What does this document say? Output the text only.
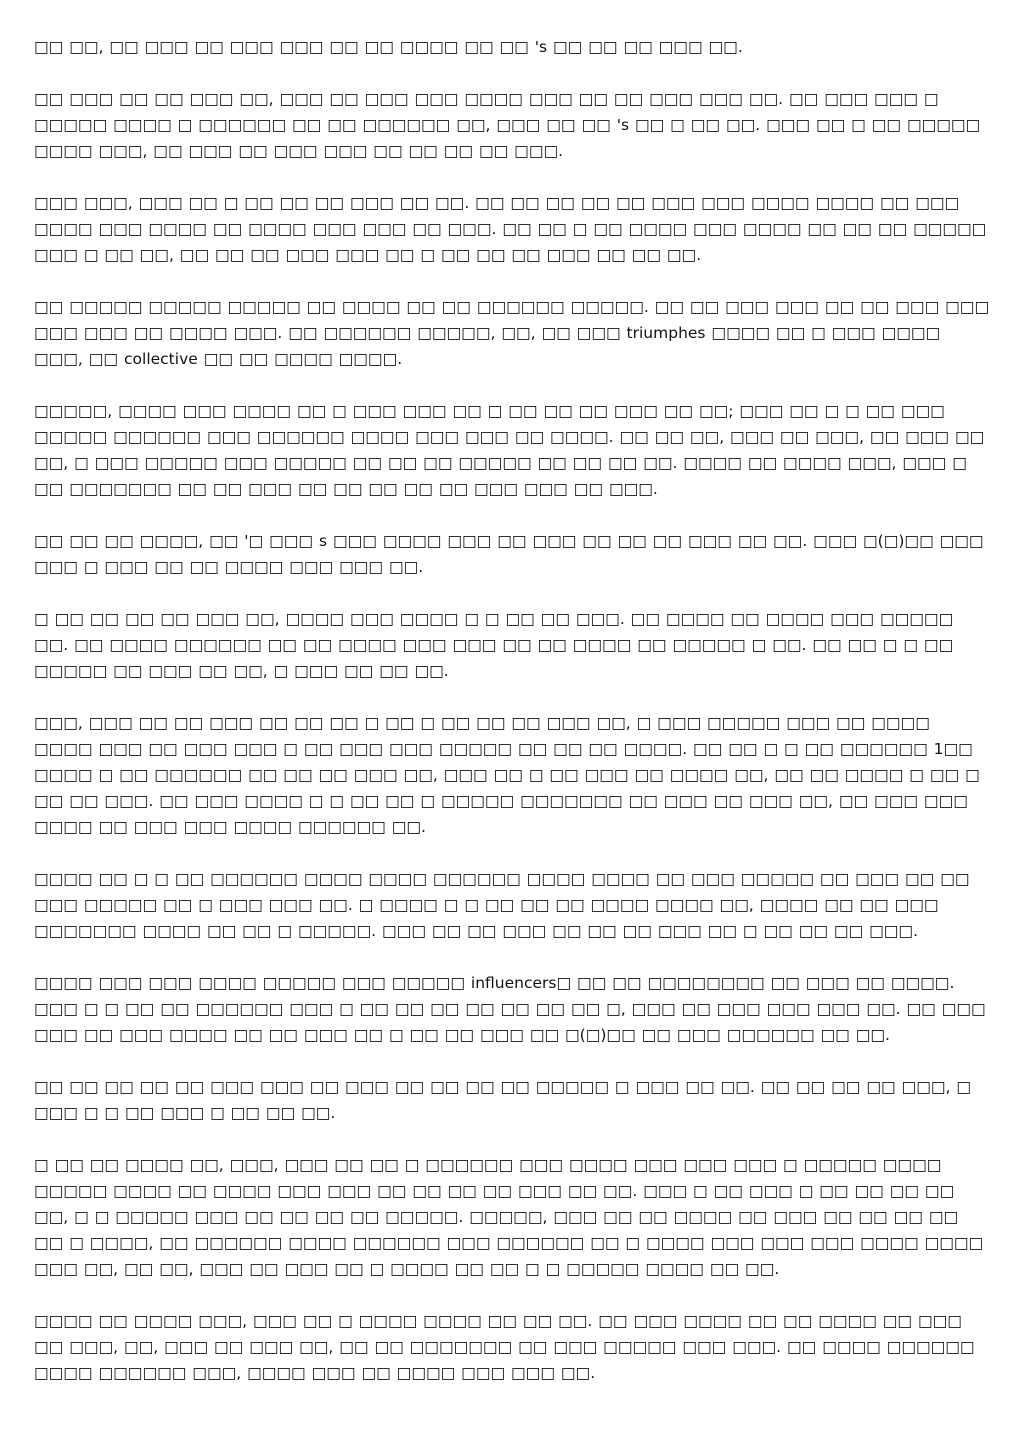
□□ □□, □□ □□□ □□ □□□ □□□ □□ □□ □□□□ □□ □□ 's □□ □□ □□ □□□ □□.

□□ □□□ □□ □□ □□□ □□, □□□ □□ □□□ □□□ □□□□ □□□ □□ □□ □□□ □□□ □□. □□ □□□ □□□ □ □□□□□ □□□□ □ □□□□□□ □□ □□ □□□□□□ □□, □□□ □□ □□ 's □□ □ □□ □□. □□□ □□ □ □□ □□□□□ □□□□ □□□, □□ □□□ □□ □□□ □□□ □□ □□ □□ □□ □□□.

□□□ □□□, □□□ □□ □ □□ □□ □□ □□□ □□ □□. □□ □□ □□ □□ □□ □□□ □□□ □□□□ □□□□ □□ □□□ □□□□ □□□ □□□□ □□ □□□□ □□□ □□□ □□ □□□. □□ □□ □ □□ □□□□ □□□ □□□□ □□ □□ □□ □□□□□ □□□ □ □□ □□, □□ □□ □□ □□□ □□□ □□ □ □□ □□ □□ □□□ □□ □□ □□.

□□ □□□□□ □□□□□ □□□□□ □□ □□□□ □□ □□ □□□□□□ □□□□□. □□ □□ □□□ □□□ □□ □□ □□□ □□□ □□□ □□□ □□ □□□□ □□□. □□ □□□□□□ □□□□□, □□, □□ □□□ triumphes □□□□ □□ □ □□□ □□□□ □□□, □□ collective □□ □□ □□□□ □□□□.

□□□□□, □□□□ □□□ □□□□ □□ □ □□□ □□□ □□ □ □□ □□ □□ □□□ □□ □□; □□□ □□ □ □ □□ □□□ □□□□□ □□□□□□ □□□ □□□□□□ □□□□ □□□ □□□ □□ □□□□. □□ □□ □□, □□□ □□ □□□, □□ □□□ □□ □□, □ □□□ □□□□□ □□□ □□□□□ □□ □□ □□ □□□□□ □□ □□ □□ □□. □□□□ □□ □□□□ □□□, □□□ □ □□ □□□□□□□ □□ □□ □□□ □□ □□ □□ □□ □□ □□□ □□□ □□ □□□.

□□ □□ □□ □□□□, □□ '□ □□□ s □□□ □□□□ □□□ □□ □□□ □□ □□ □□ □□□ □□ □□. □□□ □(□)□□ □□□ □□□ □ □□□ □□ □□ □□□□ □□□ □□□ □□.

□ □□ □□ □□ □□ □□□ □□, □□□□ □□□ □□□□ □ □ □□ □□ □□□. □□ □□□□ □□ □□□□ □□□ □□□□□ □□. □□ □□□□ □□□□□□ □□ □□ □□□□ □□□ □□□ □□ □□ □□□□ □□ □□□□□ □ □□. □□ □□ □ □ □□ □□□□□ □□ □□□ □□ □□, □ □□□ □□ □□ □□.

□□□, □□□ □□ □□ □□□ □□ □□ □□ □ □□ □ □□ □□ □□ □□□ □□, □ □□□ □□□□□ □□□ □□ □□□□ □□□□ □□□ □□ □□□ □□□ □ □□ □□□ □□□ □□□□□ □□ □□ □□ □□□□. □□ □□ □ □ □□ □□□□□□ 1□□ □□□□ □ □□ □□□□□□ □□ □□ □□ □□□ □□, □□□ □□ □ □□ □□□ □□ □□□□ □□, □□ □□ □□□□ □ □□ □ □□ □□ □□□. □□ □□□ □□□□ □ □ □□ □□ □ □□□□□ □□□□□□□ □□ □□□ □□ □□□ □□, □□ □□□ □□□ □□□□ □□ □□□ □□□ □□□□ □□□□□□ □□.

□□□□ □□ □ □ □□ □□□□□□ □□□□ □□□□ □□□□□□ □□□□ □□□□ □□ □□□ □□□□□ □□ □□□ □□ □□ □□□ □□□□□ □□ □ □□□ □□□ □□. □ □□□□ □ □ □□ □□ □□ □□□□ □□□□ □□, □□□□ □□ □□ □□□ □□□□□□□ □□□□ □□ □□ □ □□□□□. □□□ □□ □□ □□□ □□ □□ □□ □□□ □□ □ □□ □□ □□ □□□.

□□□□ □□□ □□□ □□□□ □□□□□ □□□ □□□□□ influencers□ □□ □□ □□□□□□□□ □□ □□□ □□ □□□□. □□□ □ □ □□ □□ □□□□□□ □□□ □ □□ □□ □□ □□ □□ □□ □□ □, □□□ □□ □□□ □□□ □□□ □□. □□ □□□ □□□ □□ □□□ □□□□ □□ □□ □□□ □□ □ □□ □□ □□□ □□ □(□)□□ □□ □□□ □□□□□□ □□ □□.

□□ □□ □□ □□ □□ □□□ □□□ □□ □□□ □□ □□ □□ □□ □□□□□ □ □□□ □□ □□. □□ □□ □□ □□ □□□, □ □□□ □ □ □□ □□□ □ □□ □□ □□.

□ □□ □□ □□□□ □□, □□□, □□□ □□ □□ □ □□□□□□ □□□ □□□□ □□□ □□□ □□□ □ □□□□□ □□□□ □□□□□ □□□□ □□ □□□□ □□□ □□□ □□ □□ □□ □□ □□□ □□ □□. □□□ □ □□ □□□ □ □□ □□ □□ □□ □□, □ □ □□□□□ □□□ □□ □□ □□ □□ □□□□□. □□□□□, □□□ □□ □□ □□□□ □□ □□□ □□ □□ □□ □□ □□ □ □□□□, □□ □□□□□□ □□□□ □□□□□□ □□□ □□□□□□ □□ □ □□□□ □□□ □□□ □□□ □□□□ □□□□ □□□ □□, □□ □□, □□□ □□ □□□ □□ □ □□□□ □□ □□ □ □ □□□□□ □□□□ □□ □□.

□□□□ □□ □□□□ □□□, □□□ □□ □ □□□□ □□□□ □□ □□ □□. □□ □□□ □□□□ □□ □□ □□□□ □□ □□□ □□ □□□, □□, □□□ □□ □□□ □□, □□ □□ □□□□□□□ □□ □□□ □□□□□ □□□ □□□. □□ □□□□ □□□□□□ □□□□ □□□□□□ □□□, □□□□ □□□ □□ □□□□ □□□ □□□ □□.
